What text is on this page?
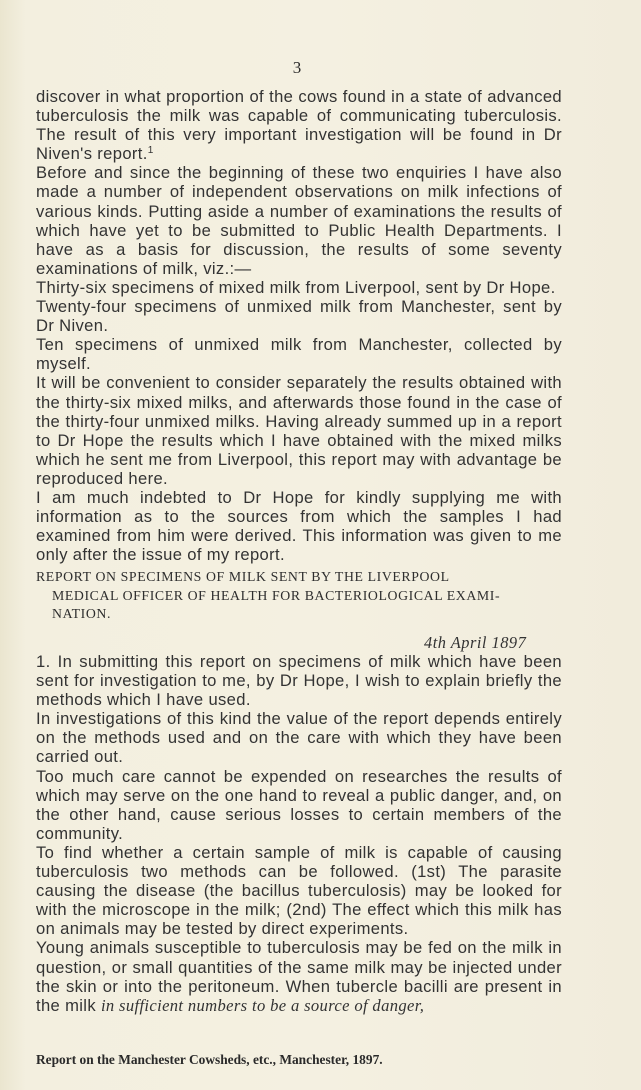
3

discover in what proportion of the cows found in a state of advanced tuberculosis the milk was capable of communicating tuberculosis. The result of this very important investigation will be found in Dr Niven's report.$^1$

Before and since the beginning of these two enquiries I have also made a number of independent observations on milk infections of various kinds. Putting aside a number of examinations the results of which have yet to be submitted to Public Health Departments. I have as a basis for discussion, the results of some seventy examinations of milk, viz.:—

Thirty-six specimens of mixed milk from Liverpool, sent by Dr Hope.

Twenty-four specimens of unmixed milk from Manchester, sent by Dr Niven.

Ten specimens of unmixed milk from Manchester, collected by myself.

It will be convenient to consider separately the results obtained with the thirty-six mixed milks, and afterwards those found in the case of the thirty-four unmixed milks. Having already summed up in a report to Dr Hope the results which I have obtained with the mixed milks which he sent me from Liverpool, this report may with advantage be reproduced here.

I am much indebted to Dr Hope for kindly supplying me with information as to the sources from which the samples I had examined from him were derived. This information was given to me only after the issue of my report.

REPORT ON SPECIMENS OF MILK SENT BY THE LIVERPOOL
MEDICAL OFFICER OF HEALTH FOR BACTERIOLOGICAL EXAMI-
NATION.
4th April 1897

1. In submitting this report on specimens of milk which have been sent for investigation to me, by Dr Hope, I wish to explain briefly the methods which I have used.

In investigations of this kind the value of the report depends entirely on the methods used and on the care with which they have been carried out.

Too much care cannot be expended on researches the results of which may serve on the one hand to reveal a public danger, and, on the other hand, cause serious losses to certain members of the community.

To find whether a certain sample of milk is capable of causing tuberculosis two methods can be followed. (1st) The parasite causing the disease (the bacillus tuberculosis) may be looked for with the microscope in the milk; (2nd) The effect which this milk has on animals may be tested by direct experiments.

Young animals susceptible to tuberculosis may be fed on the milk in question, or small quantities of the same milk may be injected under the skin or into the peritoneum. When tubercle bacilli are present in the milk in sufficient numbers to be a source of danger,

Report on the Manchester Cowsheds, etc., Manchester, 1897.
